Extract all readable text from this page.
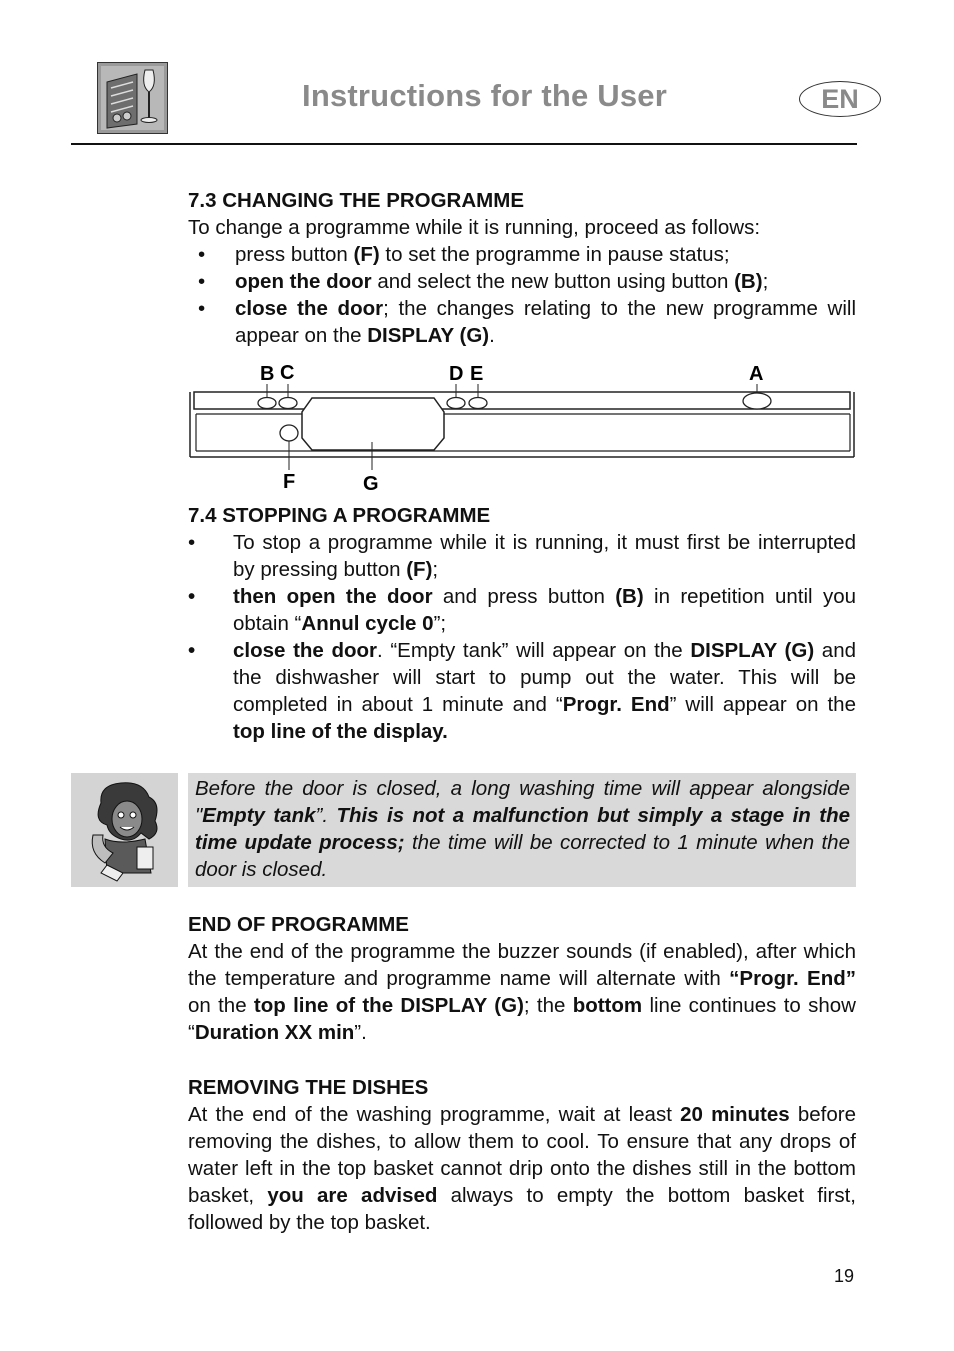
Instructions for the User	EN
7.3 CHANGING THE PROGRAMME
To change a programme while it is running, proceed as follows:
•	press button (F) to set the programme in pause status;
•	open the door and select the new button using button (B);
•	close the door; the changes relating to the new programme will appear on the DISPLAY (G).
B C	D E	A
F	G
7.4 STOPPING A PROGRAMME
•	To stop a programme while it is running, it must first be interrupted by pressing button (F);
•	then open the door and press button (B) in repetition until you obtain “Annul cycle 0”;
•	close the door. “Empty tank” will appear on the DISPLAY (G) and the dishwasher will start to pump out the water. This will be completed in about 1 minute and “Progr. End” will appear on the top line of the display.
Before the door is closed, a long washing time will appear alongside "Empty tank”. This is not a malfunction but simply a stage in the time update process; the time will be corrected to 1 minute when the door is closed.
END OF PROGRAMME
At the end of the programme the buzzer sounds (if enabled), after which the temperature and programme name will alternate with “Progr. End” on the top line of the DISPLAY (G); the bottom line continues to show “Duration XX min”.
REMOVING THE DISHES
At the end of the washing programme, wait at least 20 minutes before removing the dishes, to allow them to cool. To ensure that any drops of water left in the top basket cannot drip onto the dishes still in the bottom basket, you are advised always to empty the bottom basket first, followed by the top basket.
19
